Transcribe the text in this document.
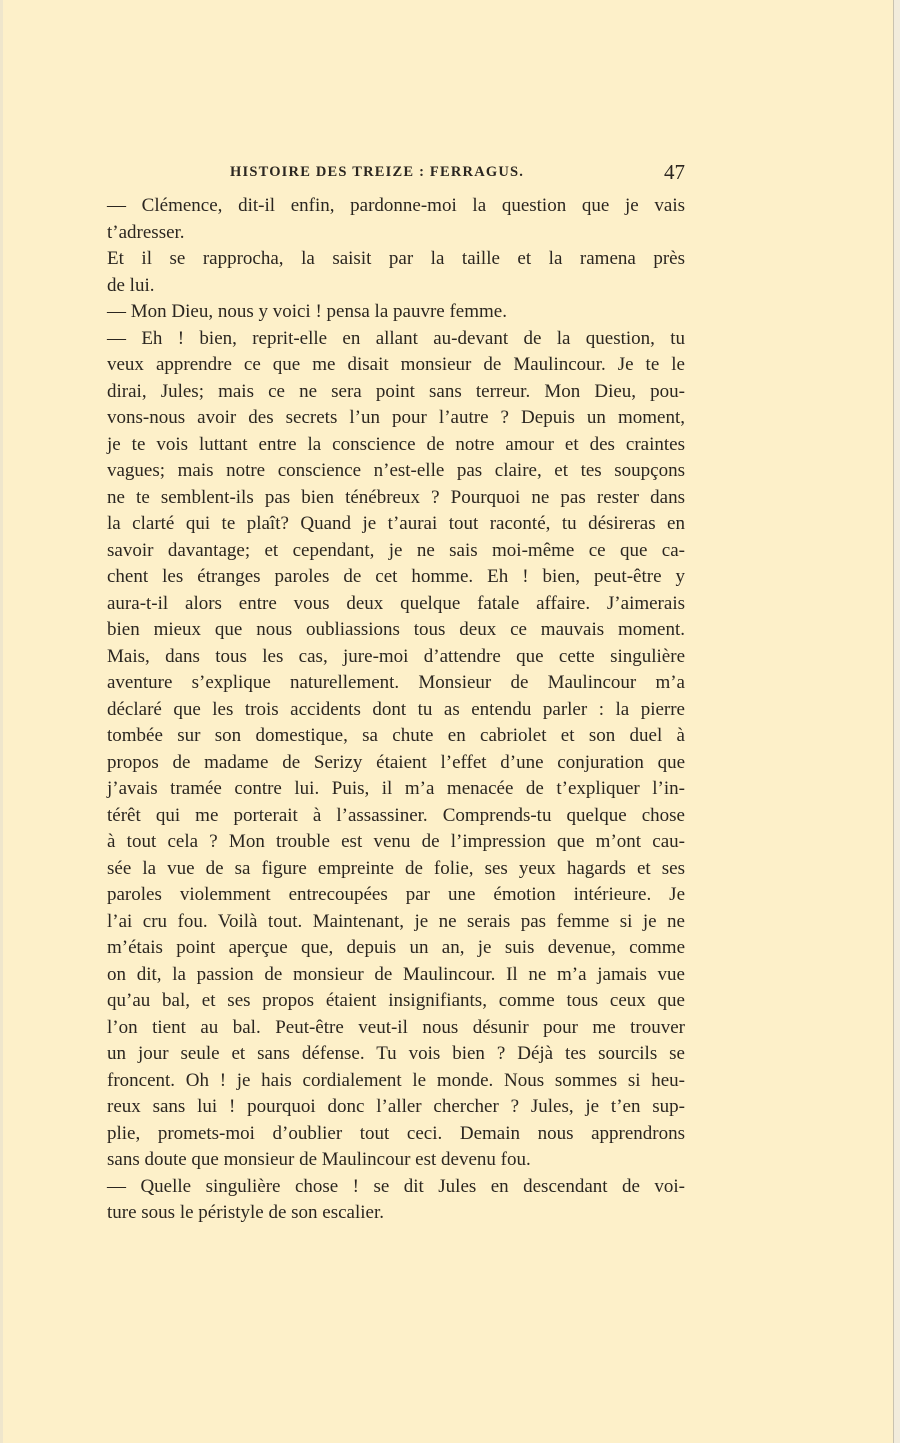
HISTOIRE DES TREIZE : FERRAGUS.	47
— Clémence, dit-il enfin, pardonne-moi la question que je vais
t’adresser.
Et il se rapprocha, la saisit par la taille et la ramena près
de lui.
— Mon Dieu, nous y voici ! pensa la pauvre femme.
— Eh ! bien, reprit-elle en allant au-devant de la question, tu
veux apprendre ce que me disait monsieur de Maulincour. Je te le
dirai, Jules; mais ce ne sera point sans terreur. Mon Dieu, pou-
vons-nous avoir des secrets l’un pour l’autre ? Depuis un moment,
je te vois luttant entre la conscience de notre amour et des craintes
vagues; mais notre conscience n’est-elle pas claire, et tes soupçons
ne te semblent-ils pas bien ténébreux ? Pourquoi ne pas rester dans
la clarté qui te plaît? Quand je t’aurai tout raconté, tu désireras en
savoir davantage; et cependant, je ne sais moi-même ce que ca-
chent les étranges paroles de cet homme. Eh ! bien, peut-être y
aura-t-il alors entre vous deux quelque fatale affaire. J’aimerais
bien mieux que nous oubliassions tous deux ce mauvais moment.
Mais, dans tous les cas, jure-moi d’attendre que cette singulière
aventure s’explique naturellement. Monsieur de Maulincour m’a
déclaré que les trois accidents dont tu as entendu parler : la pierre
tombée sur son domestique, sa chute en cabriolet et son duel à
propos de madame de Serizy étaient l’effet d’une conjuration que
j’avais tramée contre lui. Puis, il m’a menacée de t’expliquer l’in-
térêt qui me porterait à l’assassiner. Comprends-tu quelque chose
à tout cela ? Mon trouble est venu de l’impression que m’ont cau-
sée la vue de sa figure empreinte de folie, ses yeux hagards et ses
paroles violemment entrecoupées par une émotion intérieure. Je
l’ai cru fou. Voilà tout. Maintenant, je ne serais pas femme si je ne
m’étais point aperçue que, depuis un an, je suis devenue, comme
on dit, la passion de monsieur de Maulincour. Il ne m’a jamais vue
qu’au bal, et ses propos étaient insignifiants, comme tous ceux que
l’on tient au bal. Peut-être veut-il nous désunir pour me trouver
un jour seule et sans défense. Tu vois bien ? Déjà tes sourcils se
froncent. Oh ! je hais cordialement le monde. Nous sommes si heu-
reux sans lui ! pourquoi donc l’aller chercher ? Jules, je t’en sup-
plie, promets-moi d’oublier tout ceci. Demain nous apprendrons
sans doute que monsieur de Maulincour est devenu fou.
— Quelle singulière chose ! se dit Jules en descendant de voi-
ture sous le péristyle de son escalier.
